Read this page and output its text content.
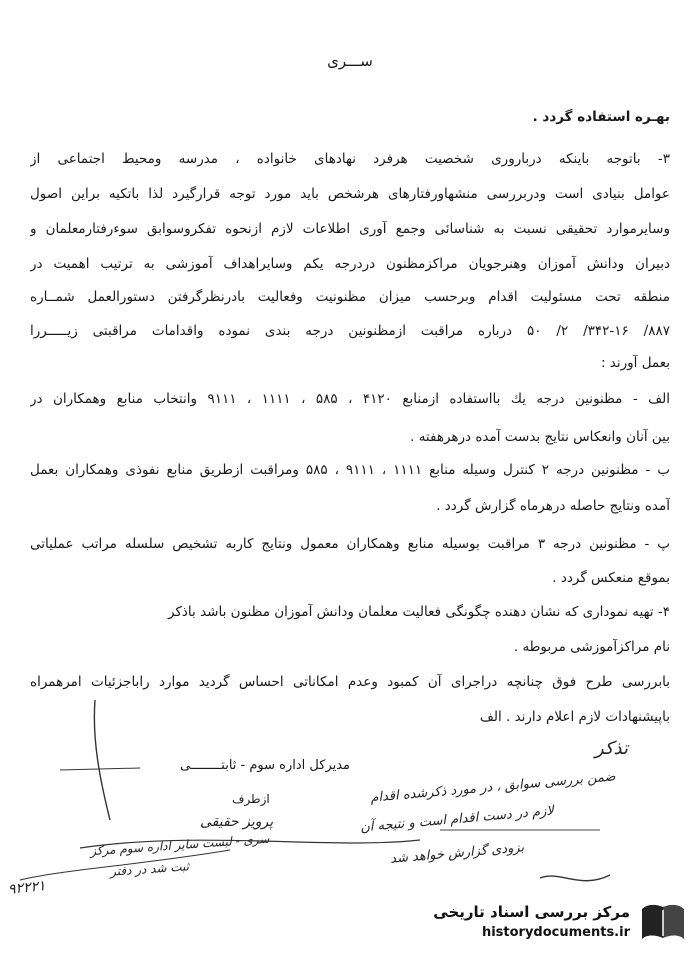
ســـری
بهـره استفاده گردد .
۳- باتوجه باینکه دربارورى شخصيت هرفرد نهادهاى خانواده ، مدرسه ومحيط اجتماعى از
عوامل بنيادى است ودربررسى منشهاورفتارهاى هرشخص بايد مورد توجه قرارگيرد لذا باتکيه براين اصول
وسايرموارد تحقيقى نسبت به شناسائى وجمع آورى اطلاعات لازم ازنحوه تفکروسوابق سوءرفتارمعلمان و
دبيران ودانش آموزان وهنرجويان مراکزمظنون دردرجه يکم وسايراهداف آموزشى به ترتيب اهميت در
منطقه تحت مسئوليت اقدام وبرحسب ميزان مظنونيت وفعاليت بادرنظرگرفتن دستورالعمل شمــاره
۸۸۷/ ۳۴۲-۱۶/ ۲/ ۵۰ درباره مراقبت ازمظنونين درجه بندى نموده واقدامات مراقبتى زيـــــررا
بعمل آورند :
الف - مظنونين درجه يك بااستفاده ازمنابع ۴۱۲۰ ، ۵۸۵ ، ۱۱۱۱ ، ۹۱۱۱ وانتخاب منابع وهمکاران در
بين آنان وانعکاس نتايج بدست آمده درهرهفته .
ب - مظنونين درجه ۲ کنترل وسيله منابع ۱۱۱۱ ، ۹۱۱۱ ، ۵۸۵ ومراقبت ازطريق منابع نفوذى وهمکاران بعمل
آمده ونتايج حاصله درهرماه گزارش گردد .
پ - مظنونين درجه ۳ مراقبت بوسيله منابع وهمکاران معمول ونتايج کاربه تشخيص سلسله مراتب عملياتى
بموقع منعکس گردد .
۴- تهيه نمودارى که نشان دهنده چگونگى فعاليت معلمان ودانش آموزان مظنون باشد باذکر
نام مراکزآموزشى مربوطه .
بابررسى طرح فوق چنانچه دراجراى آن کمبود وعدم امکاناتى احساس گرديد موارد راباجزئيات امرهمراه
باپيشنهادات لازم اعلام دارند . الف
مديرکل اداره سوم - ثابتــــــــى
ازطرف
پرويز حقيقى
تذکر
ضمن بررسى سوابق ، در مورد ذکرشده اقدام
لازم در دست اقدام است و نتيجه آن
بزودى گزارش خواهد شد
سرى - لبست ساير اداره سوم مرکز
ثبت شد در دفتر
۹۲۲۲۱
مرکز بررسى اسناد تاريخى
historydocuments.ir
